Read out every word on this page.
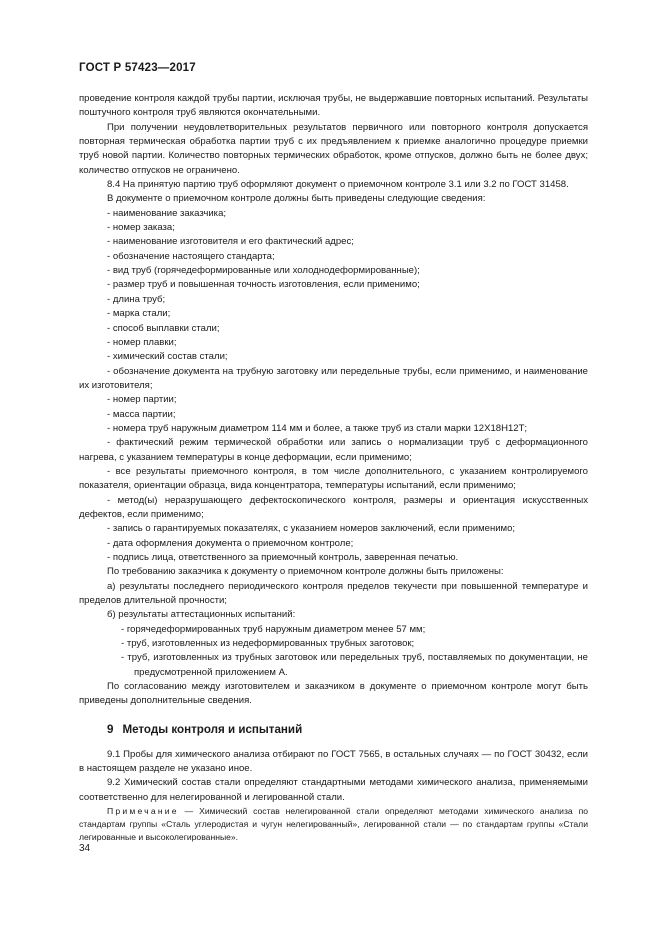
ГОСТ Р 57423—2017

проведение контроля каждой трубы партии, исключая трубы, не выдержавшие повторных испытаний. Результаты поштучного контроля труб являются окончательными.

При получении неудовлетворительных результатов первичного или повторного контроля допускается повторная термическая обработка партии труб с их предъявлением к приемке аналогично процедуре приемки труб новой партии. Количество повторных термических обработок, кроме отпусков, должно быть не более двух; количество отпусков не ограничено.

8.4 На принятую партию труб оформляют документ о приемочном контроле 3.1 или 3.2 по ГОСТ 31458.

В документе о приемочном контроле должны быть приведены следующие сведения:

- наименование заказчика;

- номер заказа;

- наименование изготовителя и его фактический адрес;

- обозначение настоящего стандарта;

- вид труб (горячедеформированные или холоднодеформированные);

- размер труб и повышенная точность изготовления, если применимо;

- длина труб;

- марка стали;

- способ выплавки стали;

- номер плавки;

- химический состав стали;

- обозначение документа на трубную заготовку или передельные трубы, если применимо, и наименование их изготовителя;

- номер партии;

- масса партии;

- номера труб наружным диаметром 114 мм и более, а также труб из стали марки 12Х18Н12Т;

- фактический режим термической обработки или запись о нормализации труб с деформационного нагрева, с указанием температуры в конце деформации, если применимо;

- все результаты приемочного контроля, в том числе дополнительного, с указанием контролируемого показателя, ориентации образца, вида концентратора, температуры испытаний, если применимо;

- метод(ы) неразрушающего дефектоскопического контроля, размеры и ориентация искусственных дефектов, если применимо;

- запись о гарантируемых показателях, с указанием номеров заключений, если применимо;

- дата оформления документа о приемочном контроле;

- подпись лица, ответственного за приемочный контроль, заверенная печатью.

По требованию заказчика к документу о приемочном контроле должны быть приложены:

а) результаты последнего периодического контроля пределов текучести при повышенной температуре и пределов длительной прочности;

б) результаты аттестационных испытаний:

- горячедеформированных труб наружным диаметром менее 57 мм;

- труб, изготовленных из недеформированных трубных заготовок;

- труб, изготовленных из трубных заготовок или передельных труб, поставляемых по документации, не предусмотренной приложением А.

По согласованию между изготовителем и заказчиком в документе о приемочном контроле могут быть приведены дополнительные сведения.

9 Методы контроля и испытаний

9.1 Пробы для химического анализа отбирают по ГОСТ 7565, в остальных случаях — по ГОСТ 30432, если в настоящем разделе не указано иное.

9.2 Химический состав стали определяют стандартными методами химического анализа, применяемыми соответственно для нелегированной и легированной стали.

Примечание — Химический состав нелегированной стали определяют методами химического анализа по стандартам группы «Сталь углеродистая и чугун нелегированный», легированной стали — по стандартам группы «Стали легированные и высоколегированные».

34
